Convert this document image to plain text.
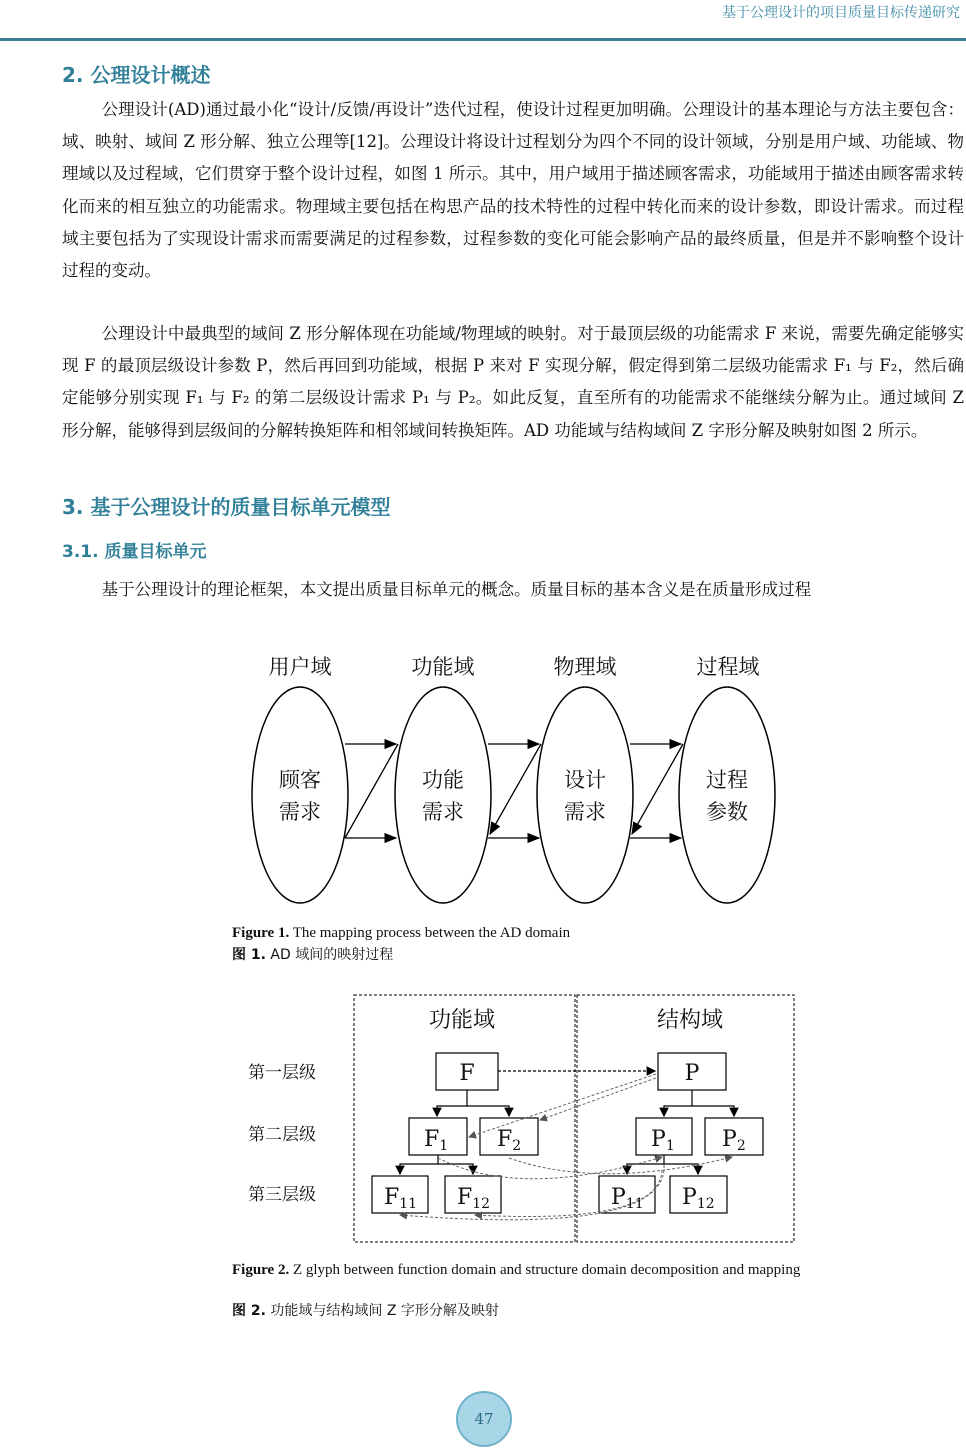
基于公理设计的项目质量目标传递研究
2. 公理设计概述
公理设计(AD)通过最小化“设计/反馈/再设计”迭代过程，使设计过程更加明确。公理设计的基本理论与方法主要包含：域、映射、域间 Z 形分解、独立公理等[12]。公理设计将设计过程划分为四个不同的设计领域，分别是用户域、功能域、物理域以及过程域，它们贯穿于整个设计过程，如图 1 所示。其中，用户域用于描述顾客需求，功能域用于描述由顾客需求转化而来的相互独立的功能需求。物理域主要包括在构思产品的技术特性的过程中转化而来的设计参数，即设计需求。而过程域主要包括为了实现设计需求而需要满足的过程参数，过程参数的变化可能会影响产品的最终质量，但是并不影响整个设计过程的变动。
公理设计中最典型的域间 Z 形分解体现在功能域/物理域的映射。对于最顶层级的功能需求 F 来说，需要先确定能够实现 F 的最顶层级设计参数 P，然后再回到功能域，根据 P 来对 F 实现分解，假定得到第二层级功能需求 F₁ 与 F₂，然后确定能够分别实现 F₁ 与 F₂ 的第二层级设计需求 P₁ 与 P₂。如此反复，直至所有的功能需求不能继续分解为止。通过域间 Z 形分解，能够得到层级间的分解转换矩阵和相邻域间转换矩阵。AD 功能域与结构域间 Z 字形分解及映射如图 2 所示。
3. 基于公理设计的质量目标单元模型
3.1. 质量目标单元
基于公理设计的理论框架，本文提出质量目标单元的概念。质量目标的基本含义是在质量形成过程
用户域	功能域	物理域	过程域
顾客
需求
功能
需求
设计
需求
过程
参数
Figure 1. The mapping process between the AD domain
图 1. AD 域间的映射过程
功能域	结构域
第一层级
第二层级
第三层级
F	P
F1 F2	P1 P2
F11 F12	P11 P12
Figure 2. Z glyph between function domain and structure domain decomposition and mapping
图 2. 功能域与结构域间 Z 字形分解及映射
47
